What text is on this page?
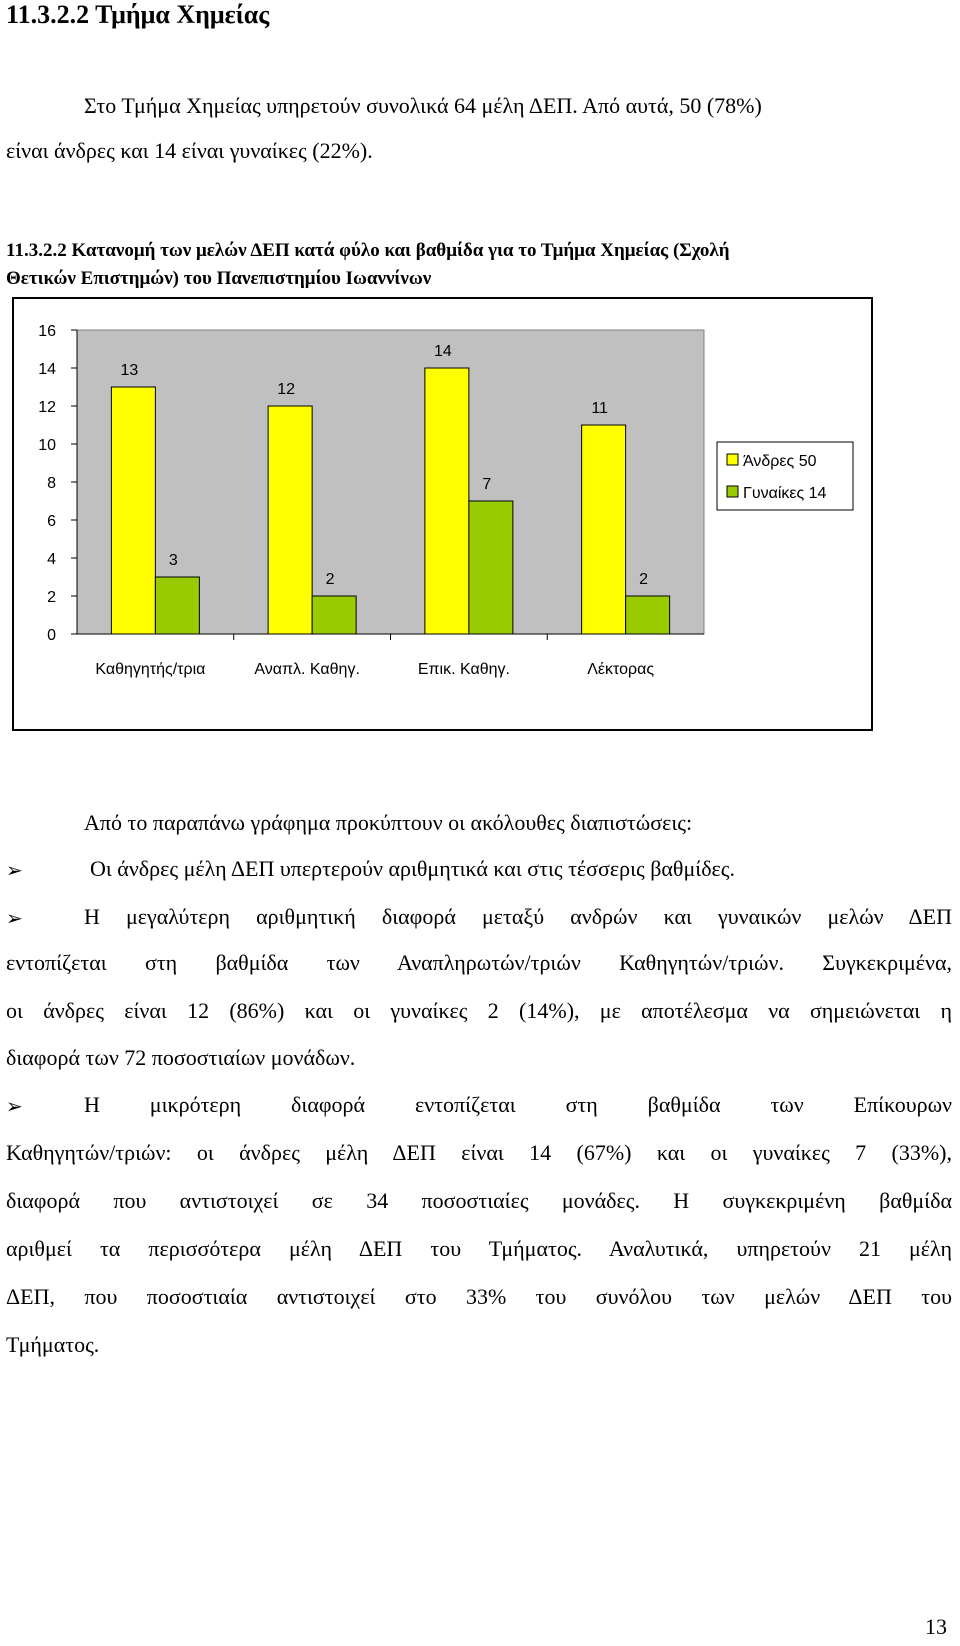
11.3.2.2 Τμήμα Χημείας
Στο Τμήμα Χημείας υπηρετούν συνολικά 64 μέλη ΔΕΠ. Από αυτά, 50 (78%)
είναι άνδρες και 14 είναι γυναίκες (22%).
11.3.2.2 Κατανομή των μελών ΔΕΠ κατά φύλο και βαθμίδα για το Τμήμα Χημείας (Σχολή
Θετικών Επιστημών) του Πανεπιστημίου Ιωαννίνων
0
2
4
6
8
10
12
14
16
13
3
Καθηγητής/τρια
12
2
Αναπλ. Καθηγ.
14
7
Επικ. Καθηγ.
11
2
Λέκτορας
Άνδρες 50
Γυναίκες 14
Από το παραπάνω γράφημα προκύπτουν οι ακόλουθες διαπιστώσεις:
➢	Οι άνδρες μέλη ΔΕΠ υπερτερούν αριθμητικά και στις τέσσερις βαθμίδες.
➢	Η μεγαλύτερη αριθμητική διαφορά μεταξύ ανδρών και γυναικών μελών ΔΕΠ
εντοπίζεται στη βαθμίδα των Αναπληρωτών/τριών Καθηγητών/τριών. Συγκεκριμένα,
οι άνδρες είναι 12 (86%) και οι γυναίκες 2 (14%), με αποτέλεσμα να σημειώνεται η
διαφορά των 72 ποσοστιαίων μονάδων.
➢	Η μικρότερη διαφορά εντοπίζεται στη βαθμίδα των Επίκουρων
Καθηγητών/τριών: οι άνδρες μέλη ΔΕΠ είναι 14 (67%) και οι γυναίκες 7 (33%),
διαφορά που αντιστοιχεί σε 34 ποσοστιαίες μονάδες. Η συγκεκριμένη βαθμίδα
αριθμεί τα περισσότερα μέλη ΔΕΠ του Τμήματος. Αναλυτικά, υπηρετούν 21 μέλη
ΔΕΠ, που ποσοστιαία αντιστοιχεί στο 33% του συνόλου των μελών ΔΕΠ του
Τμήματος.
13
